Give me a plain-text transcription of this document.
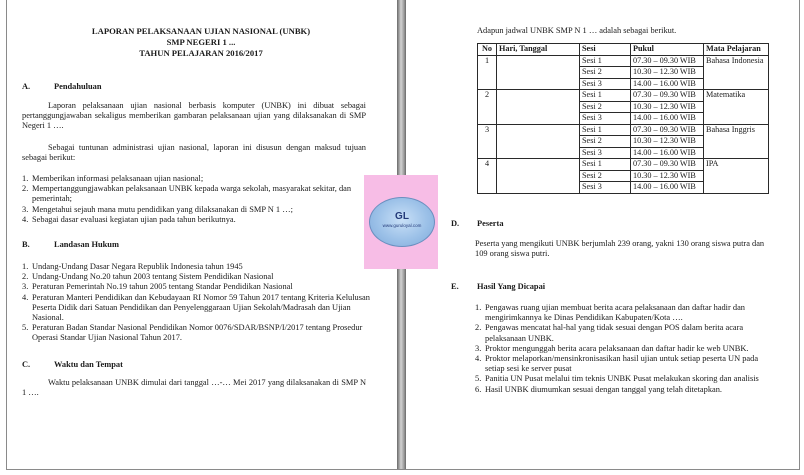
LAPORAN PELAKSANAAN UJIAN NASIONAL (UNBK)
SMP NEGERI 1 ...
TAHUN PELAJARAN 2016/2017
A.	Pendahuluan
Laporan pelaksanaan ujian nasional berbasis komputer (UNBK) ini dibuat sebagai pertanggungjawaban sekaligus memberikan gambaran pelaksanaan ujian yang dilaksanakan di SMP Negeri 1 ….
Sebagai tuntunan administrasi ujian nasional, laporan ini disusun dengan maksud tujuan sebagai berikut:
1. Memberikan informasi pelaksanaan ujian nasional;
2. Mempertanggungjawabkan pelaksanaan UNBK kepada warga sekolah, masyarakat sekitar, dan pemerintah;
3. Mengetahui sejauh mana mutu pendidikan yang dilaksanakan di SMP N 1 …;
4. Sebagai dasar evaluasi kegiatan ujian pada tahun berikutnya.
B.	Landasan Hukum
1. Undang-Undang Dasar Negara Republik Indonesia tahun 1945
2. Undang-Undang No.20 tahun 2003 tentang Sistem Pendidikan Nasional
3. Peraturan Pemerintah No.19 tahun 2005 tentang Standar Pendidikan Nasional
4. Peraturan Manteri Pendidikan dan Kebudayaan RI Nomor 59 Tahun 2017 tentang Kriteria Kelulusan Peserta Didik dari Satuan Pendidikan dan Penyelenggaraan Ujian Sekolah/Madrasah dan Ujian Nasional.
5. Peraturan Badan Standar Nasional Pendidikan Nomor 0076/SDAR/BSNP/I/2017 tentang Prosedur Operasi Standar Ujian Nasional Tahun 2017.
C.	Waktu dan Tempat
Waktu pelaksanaan UNBK dimulai dari tanggal …-… Mei 2017 yang dilaksanakan di SMP N 1 ….
Adapun jadwal UNBK SMP N 1 … adalah sebagai berikut.
No	Hari, Tanggal	Sesi	Pukul	Mata Pelajaran
1		Sesi 1	07.30 – 09.30 WIB	Bahasa Indonesia
		Sesi 2	10.30 – 12.30 WIB	
		Sesi 3	14.00 – 16.00 WIB	
2		Sesi 1	07.30 – 09.30 WIB	Matematika
		Sesi 2	10.30 – 12.30 WIB	
		Sesi 3	14.00 – 16.00 WIB	
3		Sesi 1	07.30 – 09.30 WIB	Bahasa Inggris
		Sesi 2	10.30 – 12.30 WIB	
		Sesi 3	14.00 – 16.00 WIB	
4		Sesi 1	07.30 – 09.30 WIB	IPA
		Sesi 2	10.30 – 12.30 WIB	
		Sesi 3	14.00 – 16.00 WIB	
D. Peserta
Peserta yang mengikuti UNBK berjumlah 239 orang, yakni 130 orang siswa putra dan 109 orang siswa putri.
E. Hasil Yang Dicapai
1. Pengawas ruang ujian membuat berita acara pelaksanaan dan daftar hadir dan mengirimkannya ke Dinas Pendidikan Kabupaten/Kota ….
2. Pengawas mencatat hal-hal yang tidak sesuai dengan POS dalam berita acara pelaksanaan UNBK.
3. Proktor mengunggah berita acara pelaksanaan dan daftar hadir ke web UNBK.
4. Proktor melaporkan/mensinkronisasikan hasil ujian untuk setiap peserta UN pada setiap sesi ke server pusat
5. Panitia UN Pusat melalui tim teknis UNBK Pusat melakukan skoring dan analisis
6. Hasil UNBK diumumkan sesuai dengan tanggal yang telah ditetapkan.
GL
www.guruloyal.com
